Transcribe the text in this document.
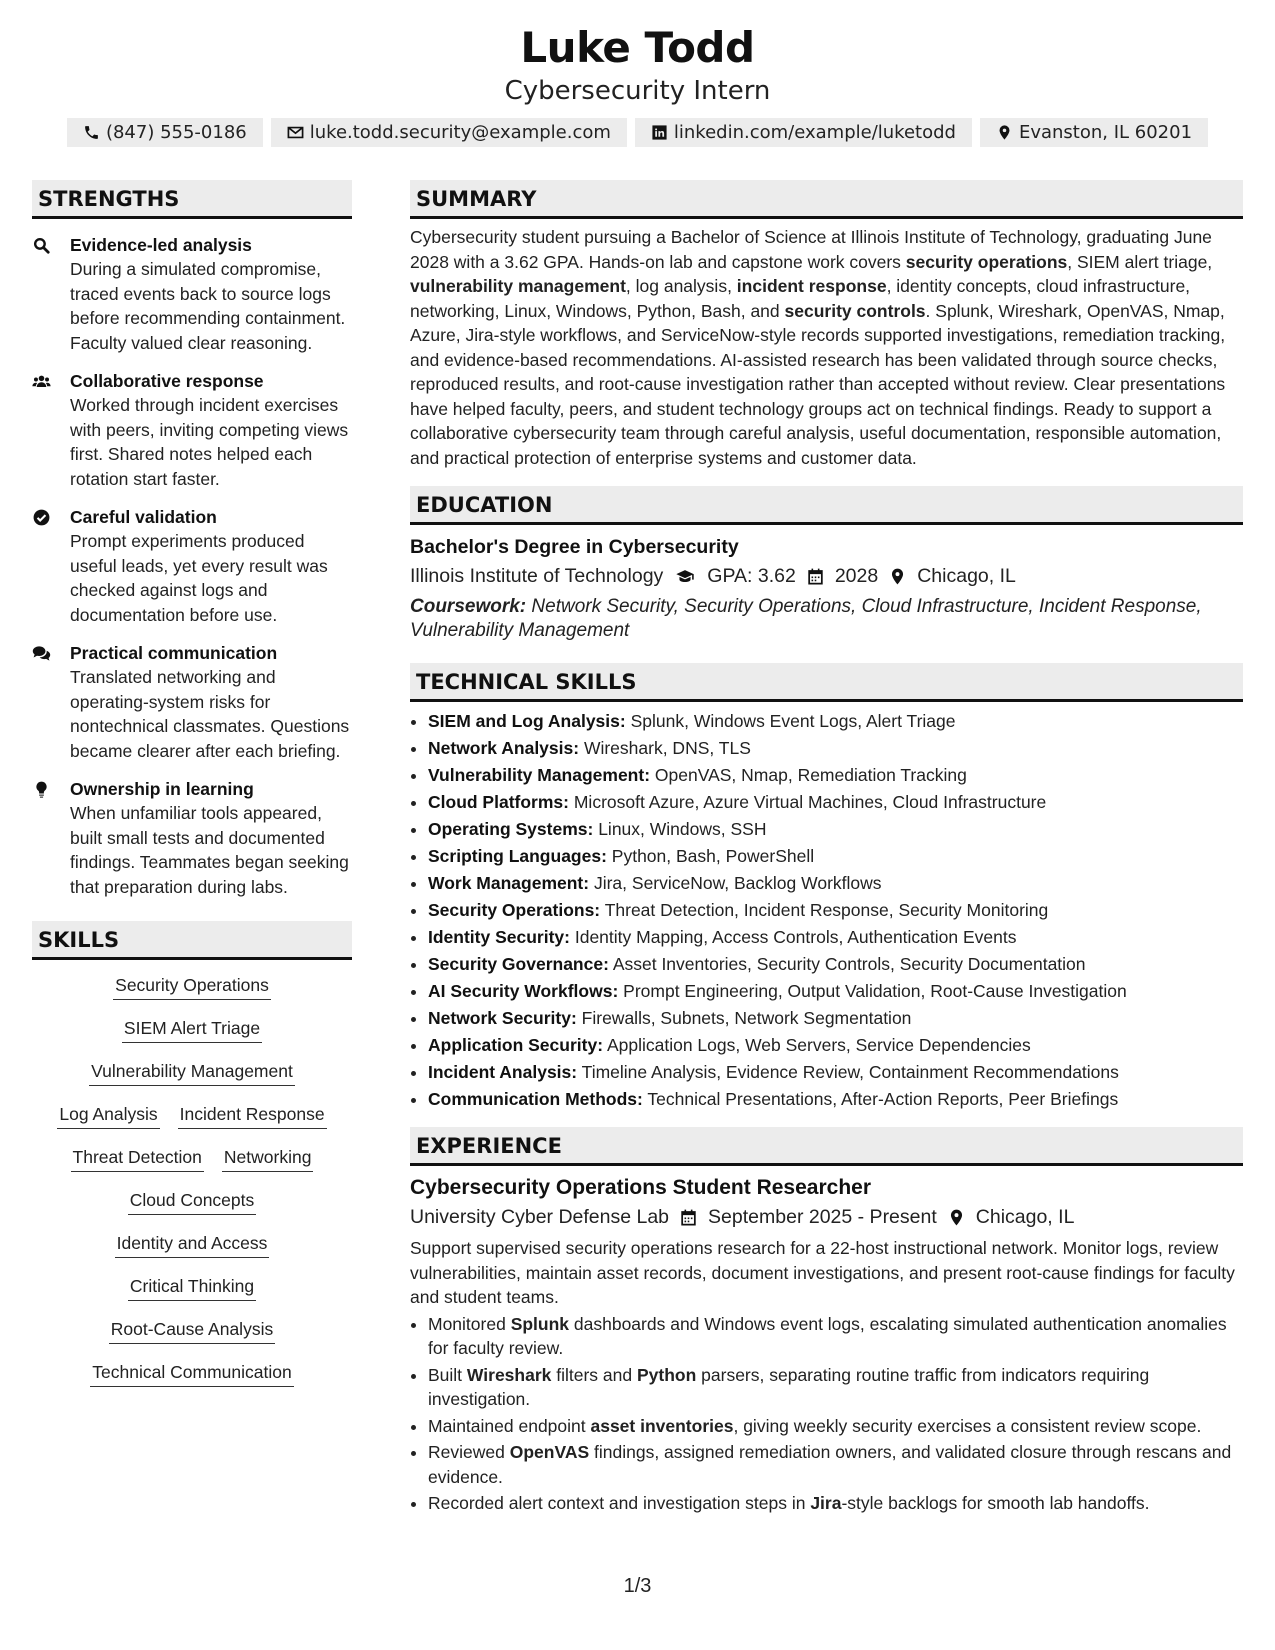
Luke Todd
Cybersecurity Intern
(847) 555-0186	luke.todd.security@example.com	linkedin.com/example/luketodd	Evanston, IL 60201
STRENGTHS
Evidence-led analysis
During a simulated compromise, traced events back to source logs before recommending containment. Faculty valued clear reasoning.
Collaborative response
Worked through incident exercises with peers, inviting competing views first. Shared notes helped each rotation start faster.
Careful validation
Prompt experiments produced useful leads, yet every result was checked against logs and documentation before use.
Practical communication
Translated networking and operating-system risks for nontechnical classmates. Questions became clearer after each briefing.
Ownership in learning
When unfamiliar tools appeared, built small tests and documented findings. Teammates began seeking that preparation during labs.
SKILLS
Security Operations
SIEM Alert Triage
Vulnerability Management
Log Analysis Incident Response
Threat Detection Networking
Cloud Concepts
Identity and Access
Critical Thinking
Root-Cause Analysis
Technical Communication
SUMMARY
Cybersecurity student pursuing a Bachelor of Science at Illinois Institute of Technology, graduating June 2028 with a 3.62 GPA. Hands-on lab and capstone work covers security operations, SIEM alert triage, vulnerability management, log analysis, incident response, identity concepts, cloud infrastructure, networking, Linux, Windows, Python, Bash, and security controls. Splunk, Wireshark, OpenVAS, Nmap, Azure, Jira-style workflows, and ServiceNow-style records supported investigations, remediation tracking, and evidence-based recommendations. AI-assisted research has been validated through source checks, reproduced results, and root-cause investigation rather than accepted without review. Clear presentations have helped faculty, peers, and student technology groups act on technical findings. Ready to support a collaborative cybersecurity team through careful analysis, useful documentation, responsible automation, and practical protection of enterprise systems and customer data.
EDUCATION
Bachelor's Degree in Cybersecurity
Illinois Institute of Technology GPA: 3.62 2028 Chicago, IL
Coursework: Network Security, Security Operations, Cloud Infrastructure, Incident Response, Vulnerability Management
TECHNICAL SKILLS
• SIEM and Log Analysis: Splunk, Windows Event Logs, Alert Triage
• Network Analysis: Wireshark, DNS, TLS
• Vulnerability Management: OpenVAS, Nmap, Remediation Tracking
• Cloud Platforms: Microsoft Azure, Azure Virtual Machines, Cloud Infrastructure
• Operating Systems: Linux, Windows, SSH
• Scripting Languages: Python, Bash, PowerShell
• Work Management: Jira, ServiceNow, Backlog Workflows
• Security Operations: Threat Detection, Incident Response, Security Monitoring
• Identity Security: Identity Mapping, Access Controls, Authentication Events
• Security Governance: Asset Inventories, Security Controls, Security Documentation
• AI Security Workflows: Prompt Engineering, Output Validation, Root-Cause Investigation
• Network Security: Firewalls, Subnets, Network Segmentation
• Application Security: Application Logs, Web Servers, Service Dependencies
• Incident Analysis: Timeline Analysis, Evidence Review, Containment Recommendations
• Communication Methods: Technical Presentations, After-Action Reports, Peer Briefings
EXPERIENCE
Cybersecurity Operations Student Researcher
University Cyber Defense Lab September 2025 - Present Chicago, IL
Support supervised security operations research for a 22-host instructional network. Monitor logs, review vulnerabilities, maintain asset records, document investigations, and present root-cause findings for faculty and student teams.
• Monitored Splunk dashboards and Windows event logs, escalating simulated authentication anomalies for faculty review.
• Built Wireshark filters and Python parsers, separating routine traffic from indicators requiring investigation.
• Maintained endpoint asset inventories, giving weekly security exercises a consistent review scope.
• Reviewed OpenVAS findings, assigned remediation owners, and validated closure through rescans and evidence.
• Recorded alert context and investigation steps in Jira-style backlogs for smooth lab handoffs.
1/3
